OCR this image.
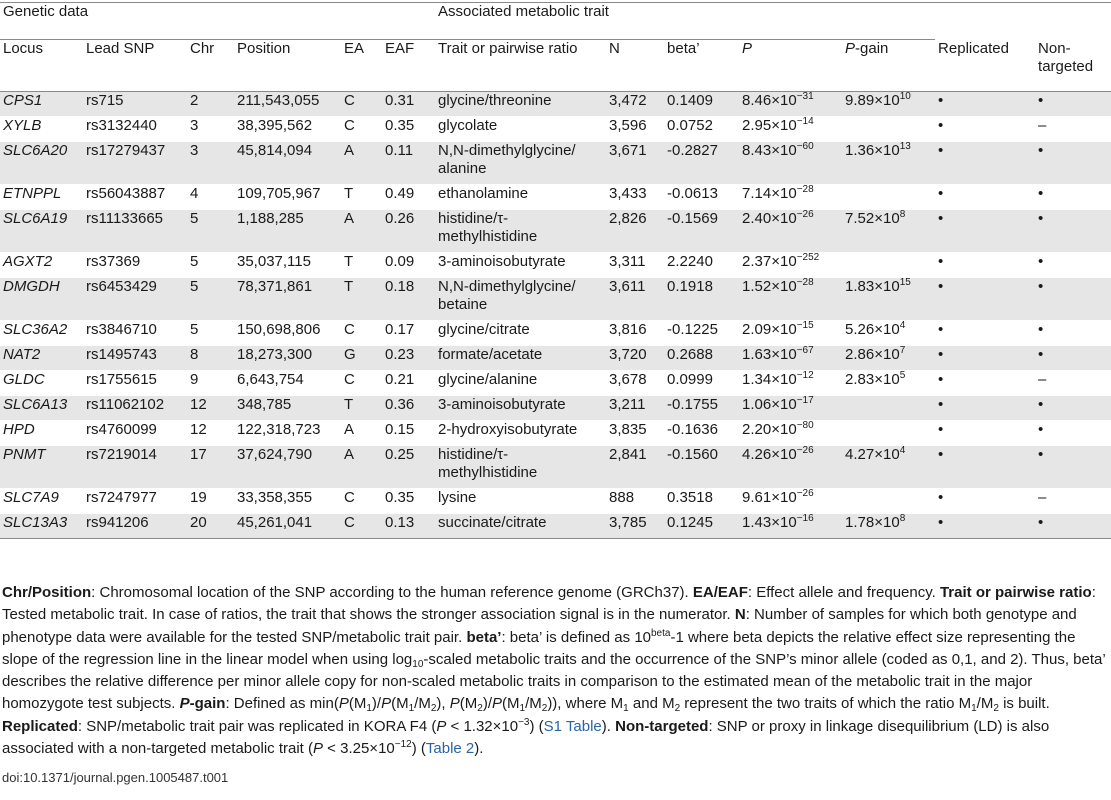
Genetic data						Associated metabolic trait						
Locus	Lead SNP	Chr	Position	EA	EAF	Trait or pairwise ratio	N	beta’	P	P-gain	Replicated	Non-targeted
CPS1	rs715	2	211,543,055	C	0.31	glycine/threonine	3,472	0.1409	$8.46\times 10^{-31}$	$9.89\times 10^{10}$	•	•
XYLB	rs3132440	3	38,395,562	C	0.35	glycolate	3,596	0.0752	$2.95\times 10^{-14}$		•	–
SLC6A20	rs17279437	3	45,814,094	A	0.11	N,N-dimethylglycine/ alanine	3,671	-0.2827	$8.43\times 10^{-60}$	$1.36\times 10^{13}$	•	•
ETNPPL	rs56043887	4	109,705,967	T	0.49	ethanolamine	3,433	-0.0613	$7.14\times 10^{-28}$		•	•
SLC6A19	rs11133665	5	1,188,285	A	0.26	histidine/τ- methylhistidine	2,826	-0.1569	$2.40\times 10^{-26}$	$7.52\times 10^8$	•	•
AGXT2	rs37369	5	35,037,115	T	0.09	3-aminoisobutyrate	3,311	2.2240	$2.37\times 10^{-252}$		•	•
DMGDH	rs6453429	5	78,371,861	T	0.18	N,N-dimethylglycine/ betaine	3,611	0.1918	$1.52\times 10^{-28}$	$1.83\times 10^{15}$	•	•
SLC36A2	rs3846710	5	150,698,806	C	0.17	glycine/citrate	3,816	-0.1225	$2.09\times 10^{-15}$	$5.26\times 10^4$	•	•
NAT2	rs1495743	8	18,273,300	G	0.23	formate/acetate	3,720	0.2688	$1.63\times 10^{-67}$	$2.86\times 10^7$	•	•
GLDC	rs1755615	9	6,643,754	C	0.21	glycine/alanine	3,678	0.0999	$1.34\times 10^{-12}$	$2.83\times 10^5$	•	–
SLC6A13	rs11062102	12	348,785	T	0.36	3-aminoisobutyrate	3,211	-0.1755	$1.06\times 10^{-17}$		•	•
HPD	rs4760099	12	122,318,723	A	0.15	2-hydroxyisobutyrate	3,835	-0.1636	$2.20\times 10^{-80}$		•	•
PNMT	rs7219014	17	37,624,790	A	0.25	histidine/τ- methylhistidine	2,841	-0.1560	$4.26\times 10^{-26}$	$4.27\times 10^4$	•	•
SLC7A9	rs7247977	19	33,358,355	C	0.35	lysine	888	0.3518	$9.61\times 10^{-26}$		•	–
SLC13A3	rs941206	20	45,261,041	C	0.13	succinate/citrate	3,785	0.1245	$1.43\times 10^{-16}$	$1.78\times 10^8$	•	•

Chr/Position: Chromosomal location of the SNP according to the human reference genome (GRCh37). EA/EAF: Effect allele and frequency. Trait or pairwise ratio: Tested metabolic trait. In case of ratios, the trait that shows the stronger association signal is in the numerator. N: Number of samples for which both genotype and phenotype data were available for the tested SNP/metabolic trait pair. beta’: beta’ is defined as $10^{beta}-1$ where beta depicts the relative effect size representing the slope of the regression line in the linear model when using $\log_{10}$-scaled metabolic traits and the occurrence of the SNP’s minor allele (coded as 0,1, and 2). Thus, beta’ describes the relative difference per minor allele copy for non-scaled metabolic traits in comparison to the estimated mean of the metabolic trait in the major homozygote test subjects. P-gain: Defined as $\min(P(M_1)/P(M_1/M_2)$, $P(M_2)/P(M_1/M_2)$), where $M_1$ and $M_2$ represent the two traits of which the ratio $M_1/M_2$ is built. Replicated: SNP/metabolic trait pair was replicated in KORA F4 $(P < 1.32\times 10^{-3})$ (S1 Table). Non-targeted: SNP or proxy in linkage disequilibrium (LD) is also associated with a non-targeted metabolic trait $(P < 3.25\times 10^{-12})$ (Table 2).

doi:10.1371/journal.pgen.1005487.t001
